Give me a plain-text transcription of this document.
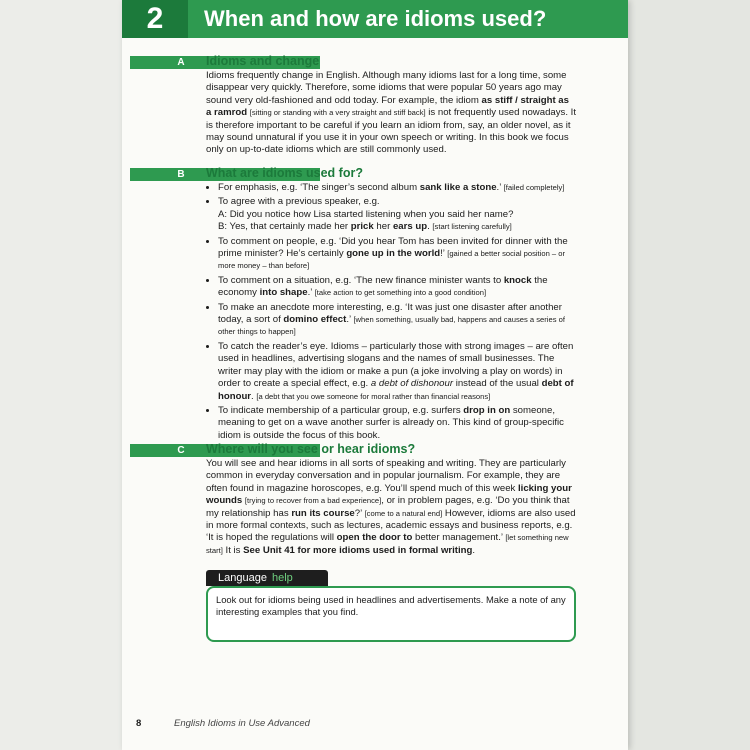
2	When and how are idioms used?
A Idioms and change

Idioms frequently change in English. Although many idioms last for a long time, some disappear very quickly. Therefore, some idioms that were popular 50 years ago may sound very old-fashioned and odd today. For example, the idiom as stiff / straight as a ramrod [sitting or standing with a very straight and stiff back] is not frequently used nowadays. It is therefore important to be careful if you learn an idiom from, say, an older novel, as it may sound unnatural if you use it in your own speech or writing. In this book we focus only on up-to-date idioms which are still commonly used.

B What are idioms used for?
• For emphasis, e.g. ‘The singer’s second album sank like a stone.’ [failed completely]
• To agree with a previous speaker, e.g.
A: Did you notice how Lisa started listening when you said her name?
B: Yes, that certainly made her prick her ears up. [start listening carefully]
• To comment on people, e.g. ‘Did you hear Tom has been invited for dinner with the prime minister? He’s certainly gone up in the world!’ [gained a better social position – or more money – than before]
• To comment on a situation, e.g. ‘The new finance minister wants to knock the economy into shape.’ [take action to get something into a good condition]
• To make an anecdote more interesting, e.g. ‘It was just one disaster after another today, a sort of domino effect.’ [when something, usually bad, happens and causes a series of other things to happen]
• To catch the reader’s eye. Idioms – particularly those with strong images – are often used in headlines, advertising slogans and the names of small businesses. The writer may play with the idiom or make a pun (a joke involving a play on words) in order to create a special effect, e.g. a debt of dishonour instead of the usual debt of honour. [a debt that you owe someone for moral rather than financial reasons]
• To indicate membership of a particular group, e.g. surfers drop in on someone, meaning to get on a wave another surfer is already on. This kind of group-specific idiom is outside the focus of this book.
C Where will you see or hear idioms?

You will see and hear idioms in all sorts of speaking and writing. They are particularly common in everyday conversation and in popular journalism. For example, they are often found in magazine horoscopes, e.g. You’ll spend much of this week licking your wounds [trying to recover from a bad experience], or in problem pages, e.g. ‘Do you think that my relationship has run its course?’ [come to a natural end] However, idioms are also used in more formal contexts, such as lectures, academic essays and business reports, e.g. ‘It is hoped the regulations will open the door to better management.’ [let something new start] It is See Unit 41 for more idioms used in formal writing.

Language help
Look out for idioms being used in headlines and advertisements. Make a note of any interesting examples that you find.
8	English Idioms in Use Advanced
